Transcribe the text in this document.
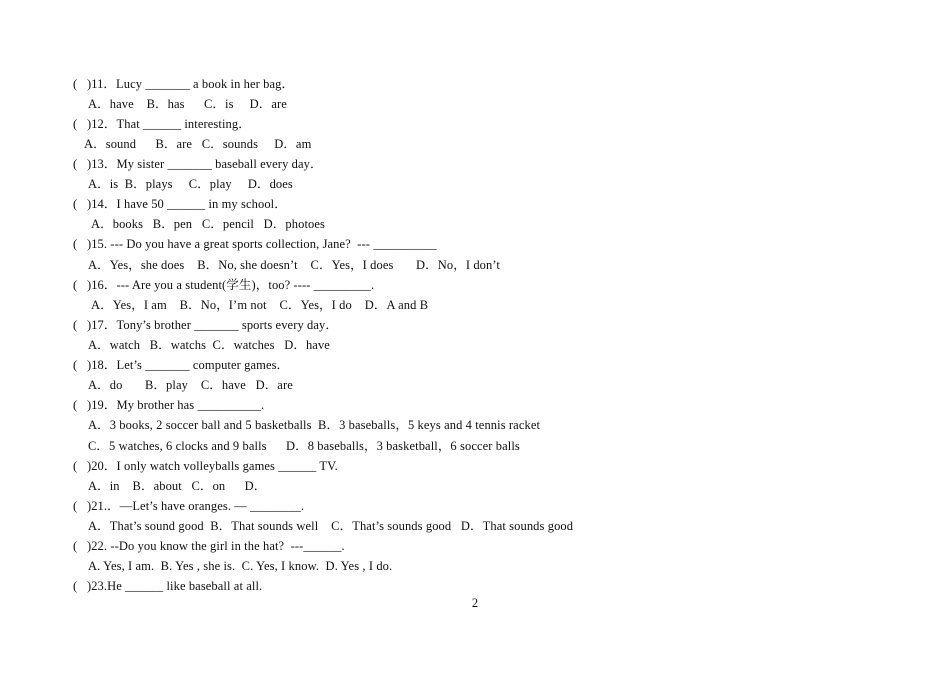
(   )11．Lucy _______ a book in her bag．
A．have    B．has      C．is     D．are
(   )12．That ______ interesting．
A．sound      B．are   C．sounds     D．am
(   )13．My sister _______ baseball every day．
A．is  B．plays     C．play     D．does
(   )14．I have 50 ______ in my school．
A．books   B．pen   C．pencil   D．photoes
(   )15. --- Do you have a great sports collection, Jane?  --- __________
A．Yes，she does    B．No, she doesn’t    C．Yes，I does       D．No，I don’t
(   )16．--- Are you a student(学生)，too? ---- _________.
A．Yes，I am    B．No，I’m not    C．Yes，I do    D．A and B
(   )17．Tony’s brother _______ sports every day．
A．watch   B．watchs  C．watches   D．have
(   )18．Let’s _______ computer games．
A．do       B．play    C．have   D．are
(   )19．My brother has __________.
A．3 books, 2 soccer ball and 5 basketballs  B．3 baseballs，5 keys and 4 tennis racket
C．5 watches, 6 clocks and 9 balls      D．8 baseballs，3 basketball，6 soccer balls
(   )20．I only watch volleyballs games ______ TV.
A．in    B．about   C．on      D．
(   )21.．—Let’s have oranges. — ________.
A．That’s sound good  B．That sounds well    C．That’s sounds good   D．That sounds good
(   )22. --Do you know the girl in the hat?  ---______.
A. Yes, I am.  B. Yes , she is.  C. Yes, I know.  D. Yes , I do.
(   )23.He ______ like baseball at all.
2
